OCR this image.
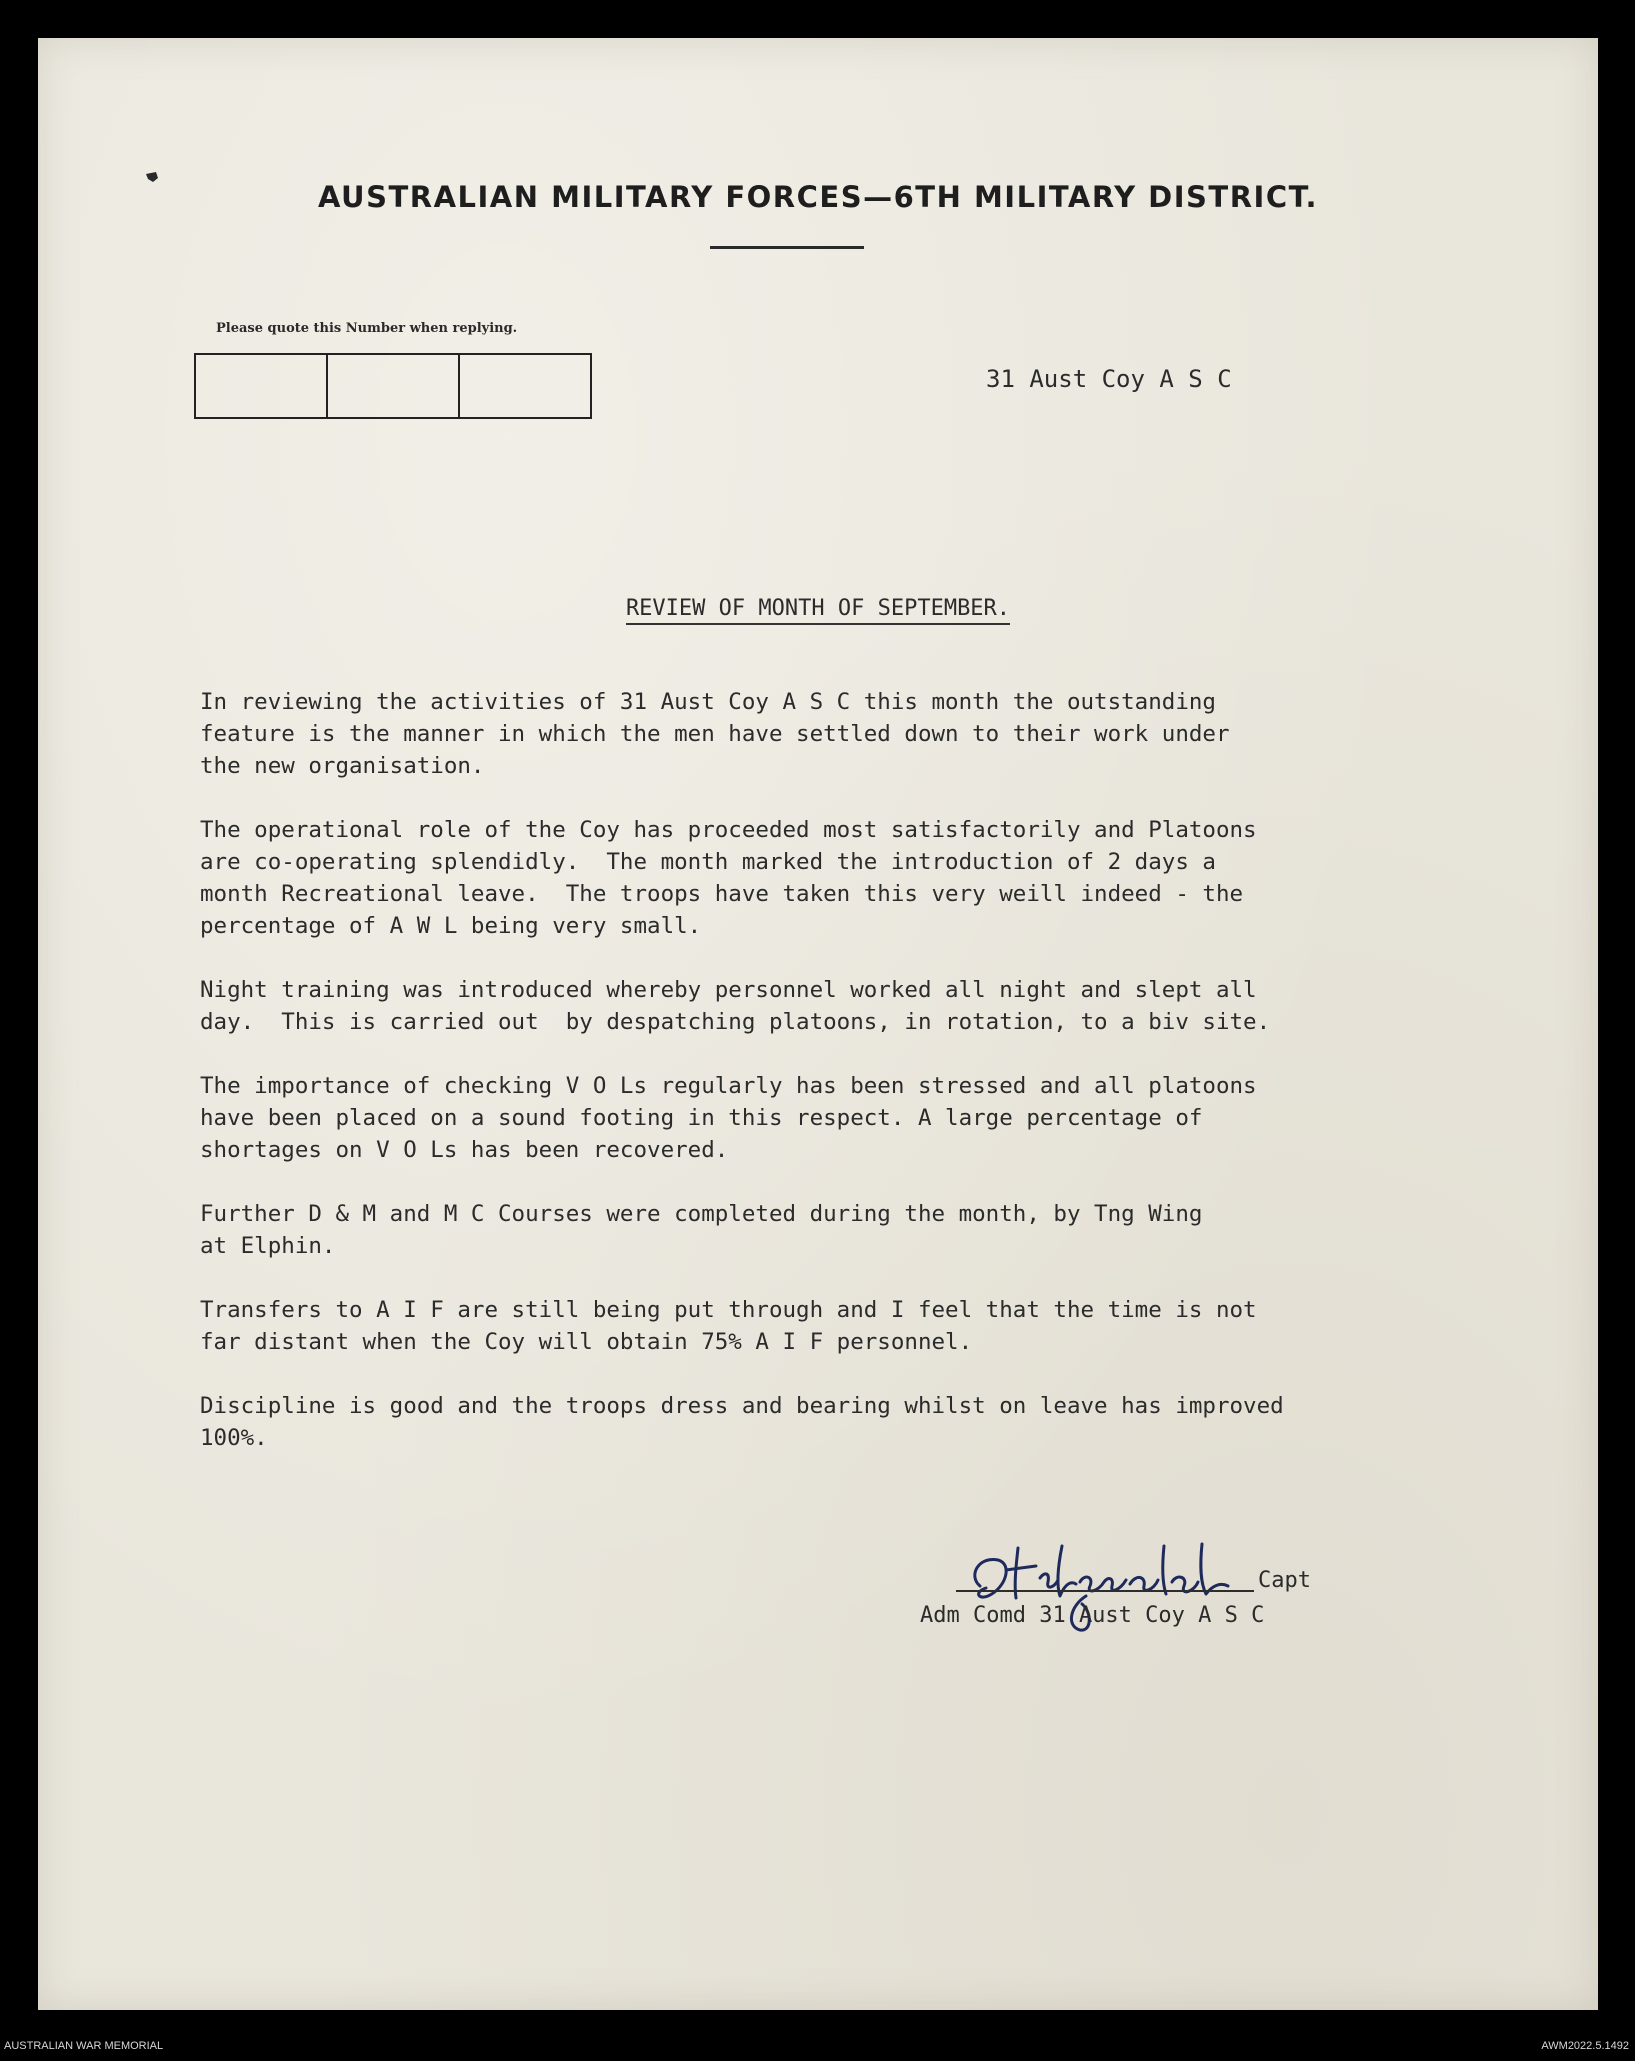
AUSTRALIAN MILITARY FORCES—6TH MILITARY DISTRICT.
Please quote this Number when replying.
31 Aust Coy A S C
REVIEW OF MONTH OF SEPTEMBER.
In reviewing the activities of 31 Aust Coy A S C this month the outstanding
feature is the manner in which the men have settled down to their work under
the new organisation.
The operational role of the Coy has proceeded most satisfactorily and Platoons
are co-operating splendidly.  The month marked the introduction of 2 days a
month Recreational leave.  The troops have taken this very weill indeed - the
percentage of A W L being very small.
Night training was introduced whereby personnel worked all night and slept all
day.  This is carried out  by despatching platoons, in rotation, to a biv site.
The importance of checking V O Ls regularly has been stressed and all platoons
have been placed on a sound footing in this respect. A large percentage of
shortages on V O Ls has been recovered.
Further D & M and M C Courses were completed during the month, by Tng Wing
at Elphin.
Transfers to A I F are still being put through and I feel that the time is not
far distant when the Coy will obtain 75% A I F personnel.
Discipline is good and the troops dress and bearing whilst on leave has improved
100%.
Capt
Adm Comd 31 Aust Coy A S C
AUSTRALIAN WAR MEMORIAL	AWM2022.5.1492
